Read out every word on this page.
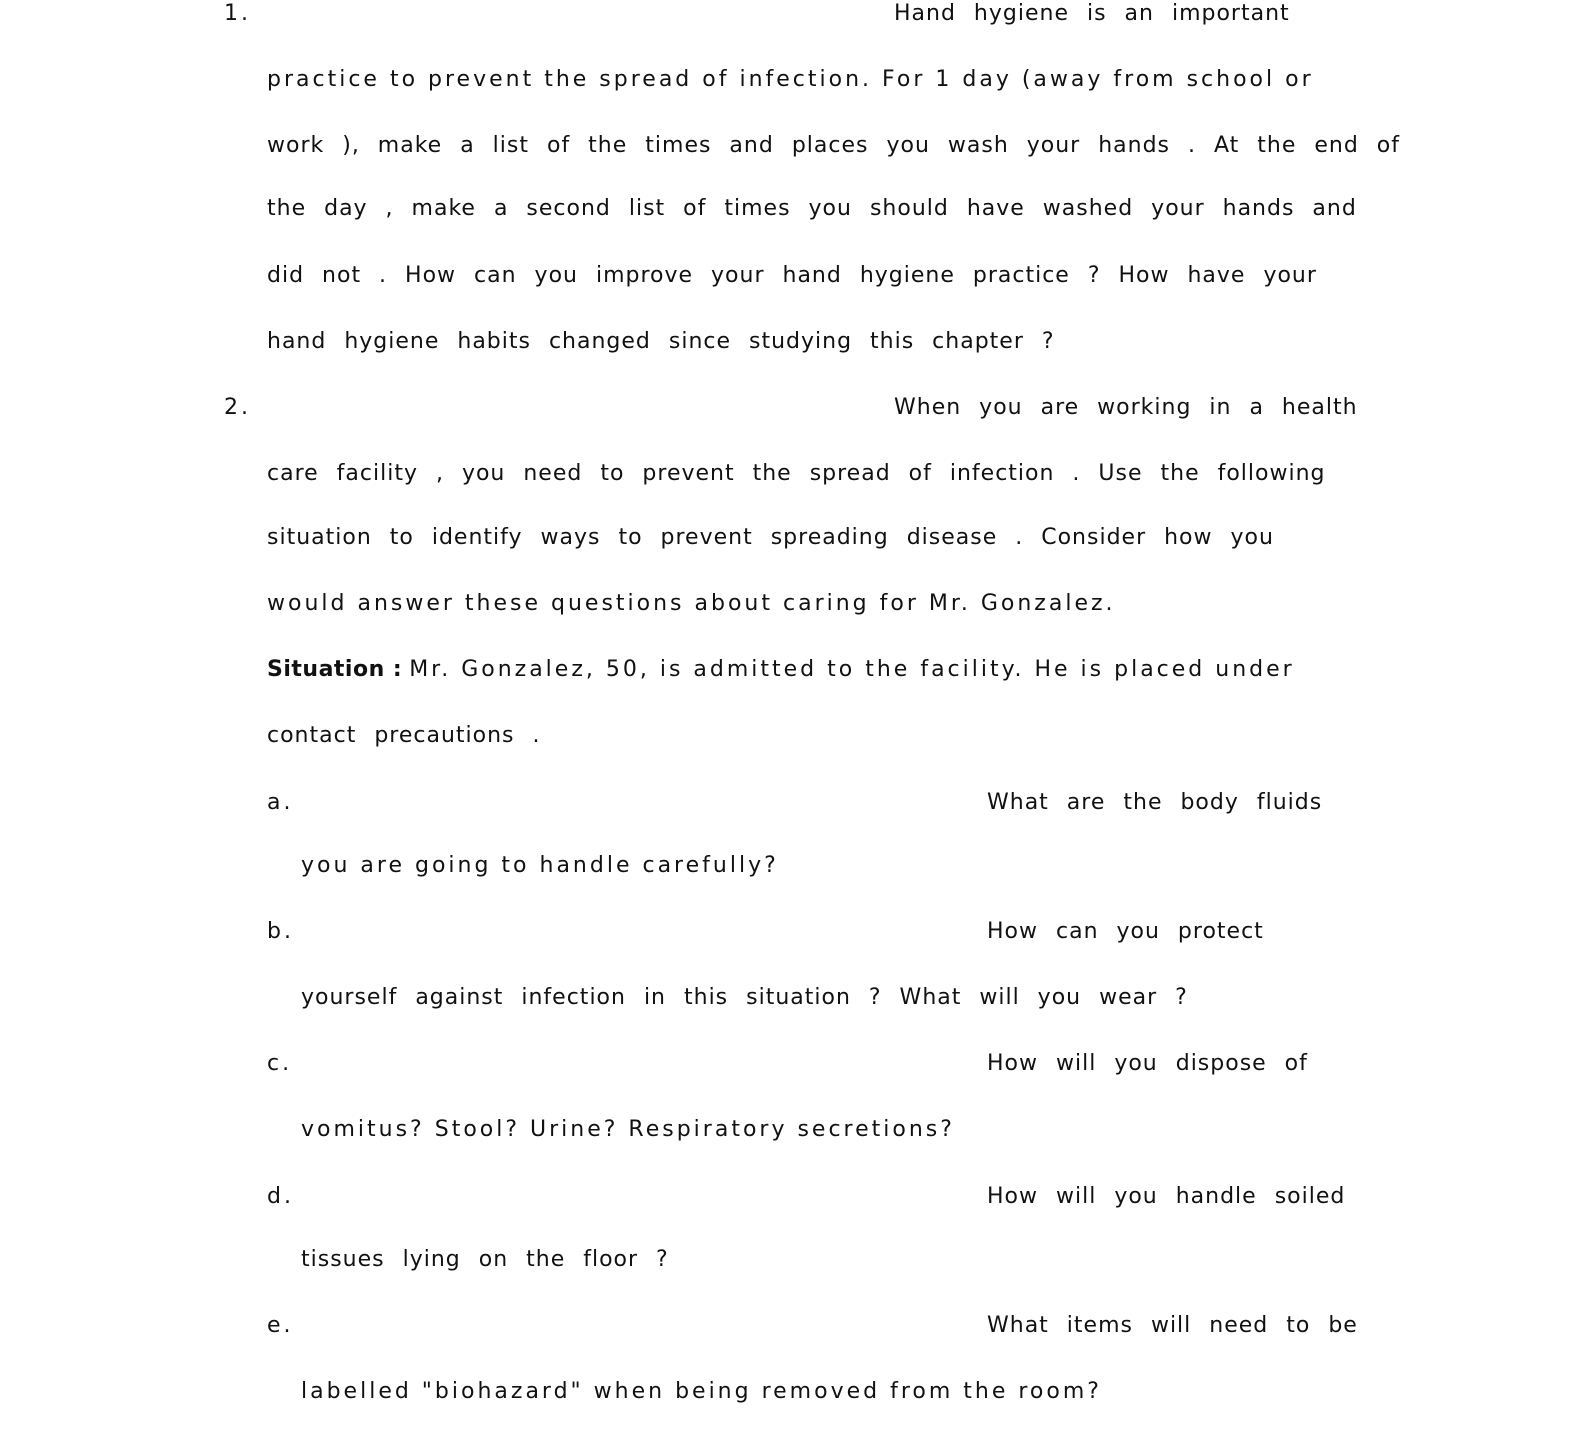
1.	Hand hygiene is an important
practice to prevent the spread of infection. For 1 day (away from school or
work ), make a list of the times and places you wash your hands . At the end of
the day , make a second list of times you should have washed your hands and
did not . How can you improve your hand hygiene practice ? How have your
hand hygiene habits changed since studying this chapter ?
2.	When you are working in a health
care facility , you need to prevent the spread of infection . Use the following
situation to identify ways to prevent spreading disease . Consider how you
would answer these questions about caring for Mr. Gonzalez.
Situation : Mr. Gonzalez, 50, is admitted to the facility. He is placed under
contact precautions .
a.	What are the body fluids
you are going to handle carefully?
b.	How can you protect
yourself against infection in this situation ? What will you wear ?
c.	How will you dispose of
vomitus? Stool? Urine? Respiratory secretions?
d.	How will you handle soiled
tissues lying on the floor ?
e.	What items will need to be
labelled "biohazard" when being removed from the room?
